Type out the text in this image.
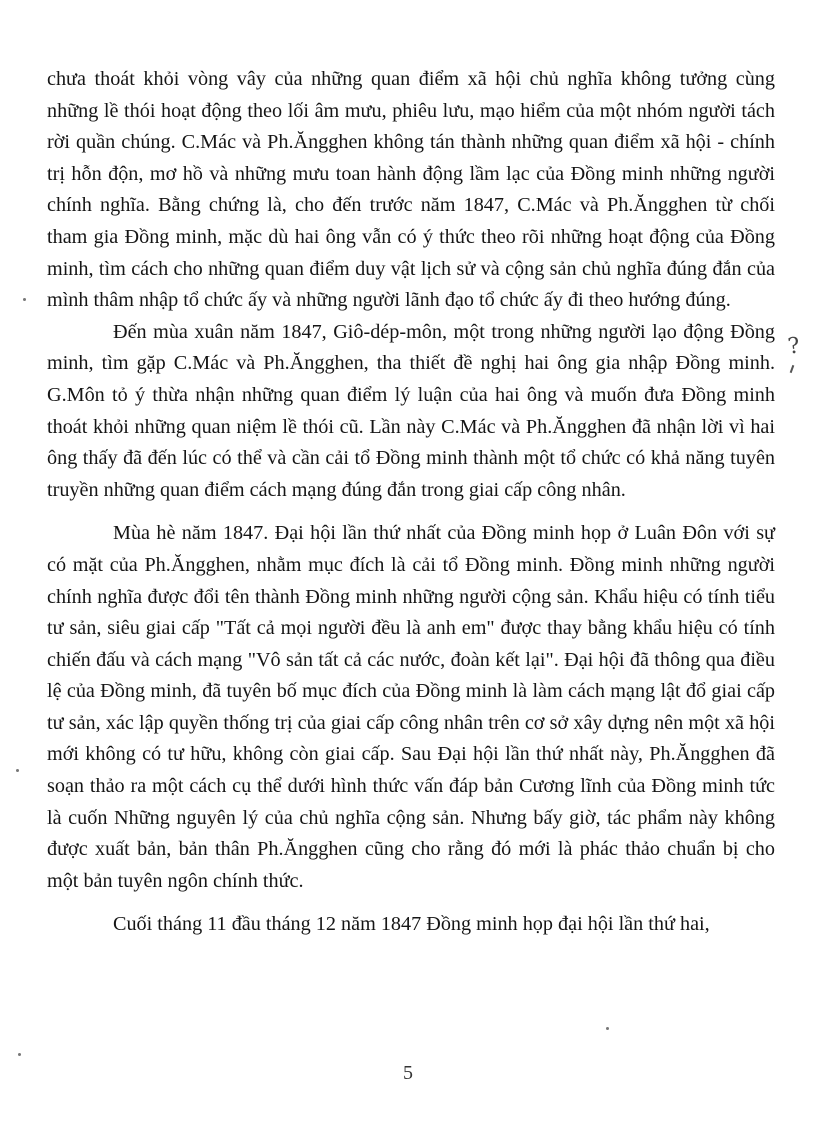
chưa thoát khỏi vòng vây của những quan điểm xã hội chủ nghĩa không tưởng cùng những lề thói hoạt động theo lối âm mưu, phiêu lưu, mạo hiểm của một nhóm người tách rời quần chúng. C.Mác và Ph.Ăngghen không tán thành những quan điểm xã hội - chính trị hỗn độn, mơ hồ và những mưu toan hành động lầm lạc của Đồng minh những người chính nghĩa. Bằng chứng là, cho đến trước năm 1847, C.Mác và Ph.Ăngghen từ chối tham gia Đồng minh, mặc dù hai ông vẫn có ý thức theo rõi những hoạt động của Đồng minh, tìm cách cho những quan điểm duy vật lịch sử và cộng sản chủ nghĩa đúng đắn của mình thâm nhập tổ chức ấy và những người lãnh đạo tổ chức ấy đi theo hướng đúng.

Đến mùa xuân năm 1847, Giô-dép-môn, một trong những người lạo động Đồng minh, tìm gặp C.Mác và Ph.Ăngghen, tha thiết đề nghị hai ông gia nhập Đồng minh. G.Môn tỏ ý thừa nhận những quan điểm lý luận của hai ông và muốn đưa Đồng minh thoát khỏi những quan niệm lề thói cũ. Lần này C.Mác và Ph.Ăngghen đã nhận lời vì hai ông thấy đã đến lúc có thể và cần cải tổ Đồng minh thành một tổ chức có khả năng tuyên truyền những quan điểm cách mạng đúng đắn trong giai cấp công nhân.

Mùa hè năm 1847. Đại hội lần thứ nhất của Đồng minh họp ở Luân Đôn với sự có mặt của Ph.Ăngghen, nhằm mục đích là cải tổ Đồng minh. Đồng minh những người chính nghĩa được đổi tên thành Đồng minh những người cộng sản. Khẩu hiệu có tính tiểu tư sản, siêu giai cấp "Tất cả mọi người đều là anh em" được thay bằng khẩu hiệu có tính chiến đấu và cách mạng "Vô sản tất cả các nước, đoàn kết lại". Đại hội đã thông qua điều lệ của Đồng minh, đã tuyên bố mục đích của Đồng minh là làm cách mạng lật đổ giai cấp tư sản, xác lập quyền thống trị của giai cấp công nhân trên cơ sở xây dựng nên một xã hội mới không có tư hữu, không còn giai cấp. Sau Đại hội lần thứ nhất này, Ph.Ăngghen đã soạn thảo ra một cách cụ thể dưới hình thức vấn đáp bản Cương lĩnh của Đồng minh tức là cuốn Những nguyên lý của chủ nghĩa cộng sản. Nhưng bấy giờ, tác phẩm này không được xuất bản, bản thân Ph.Ăngghen cũng cho rằng đó mới là phác thảo chuẩn bị cho một bản tuyên ngôn chính thức.

Cuối tháng 11 đầu tháng 12 năm 1847 Đồng minh họp đại hội lần thứ hai,

?
5
